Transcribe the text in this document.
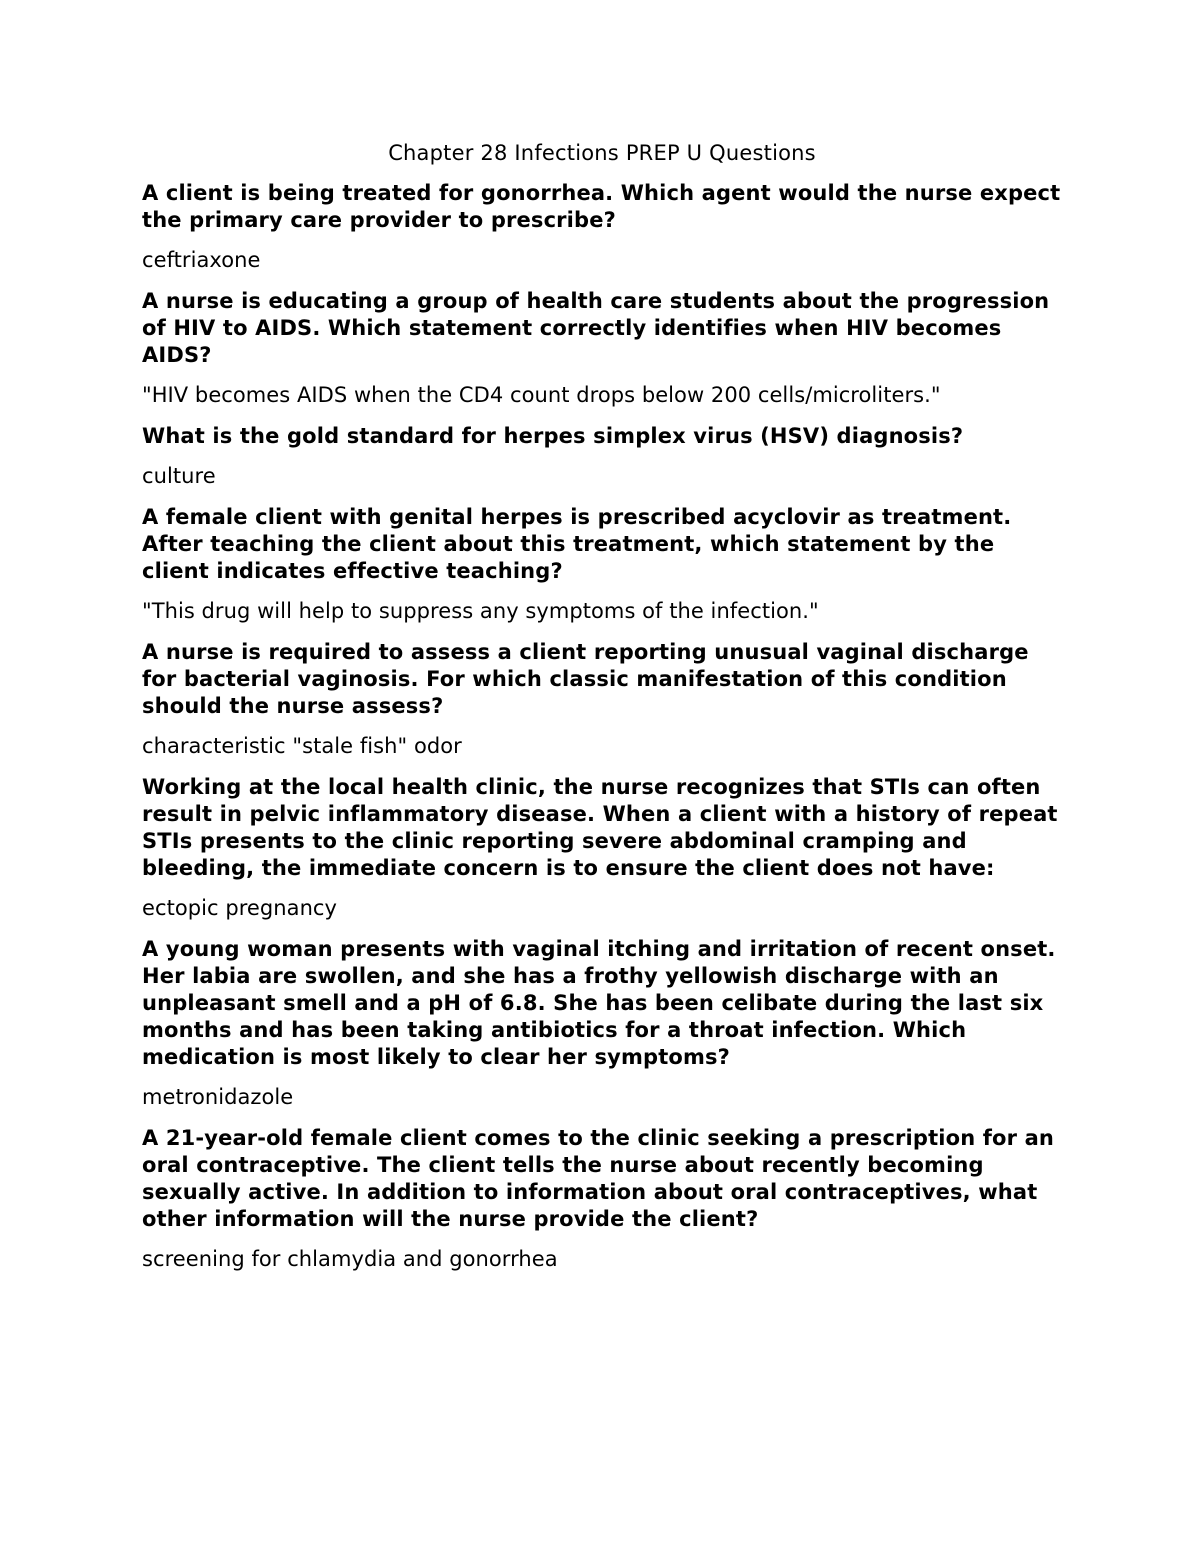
Chapter 28 Infections PREP U Questions

A client is being treated for gonorrhea. Which agent would the nurse expect the primary care provider to prescribe?

ceftriaxone

A nurse is educating a group of health care students about the progression of HIV to AIDS. Which statement correctly identifies when HIV becomes AIDS?

"HIV becomes AIDS when the CD4 count drops below 200 cells/microliters."

What is the gold standard for herpes simplex virus (HSV) diagnosis?

culture

A female client with genital herpes is prescribed acyclovir as treatment. After teaching the client about this treatment, which statement by the client indicates effective teaching?

"This drug will help to suppress any symptoms of the infection."

A nurse is required to assess a client reporting unusual vaginal discharge for bacterial vaginosis. For which classic manifestation of this condition should the nurse assess?

characteristic "stale fish" odor

Working at the local health clinic, the nurse recognizes that STIs can often result in pelvic inflammatory disease. When a client with a history of repeat STIs presents to the clinic reporting severe abdominal cramping and bleeding, the immediate concern is to ensure the client does not have:

ectopic pregnancy

A young woman presents with vaginal itching and irritation of recent onset. Her labia are swollen, and she has a frothy yellowish discharge with an unpleasant smell and a pH of 6.8. She has been celibate during the last six months and has been taking antibiotics for a throat infection. Which medication is most likely to clear her symptoms?

metronidazole

A 21-year-old female client comes to the clinic seeking a prescription for an oral contraceptive. The client tells the nurse about recently becoming sexually active. In addition to information about oral contraceptives, what other information will the nurse provide the client?

screening for chlamydia and gonorrhea
